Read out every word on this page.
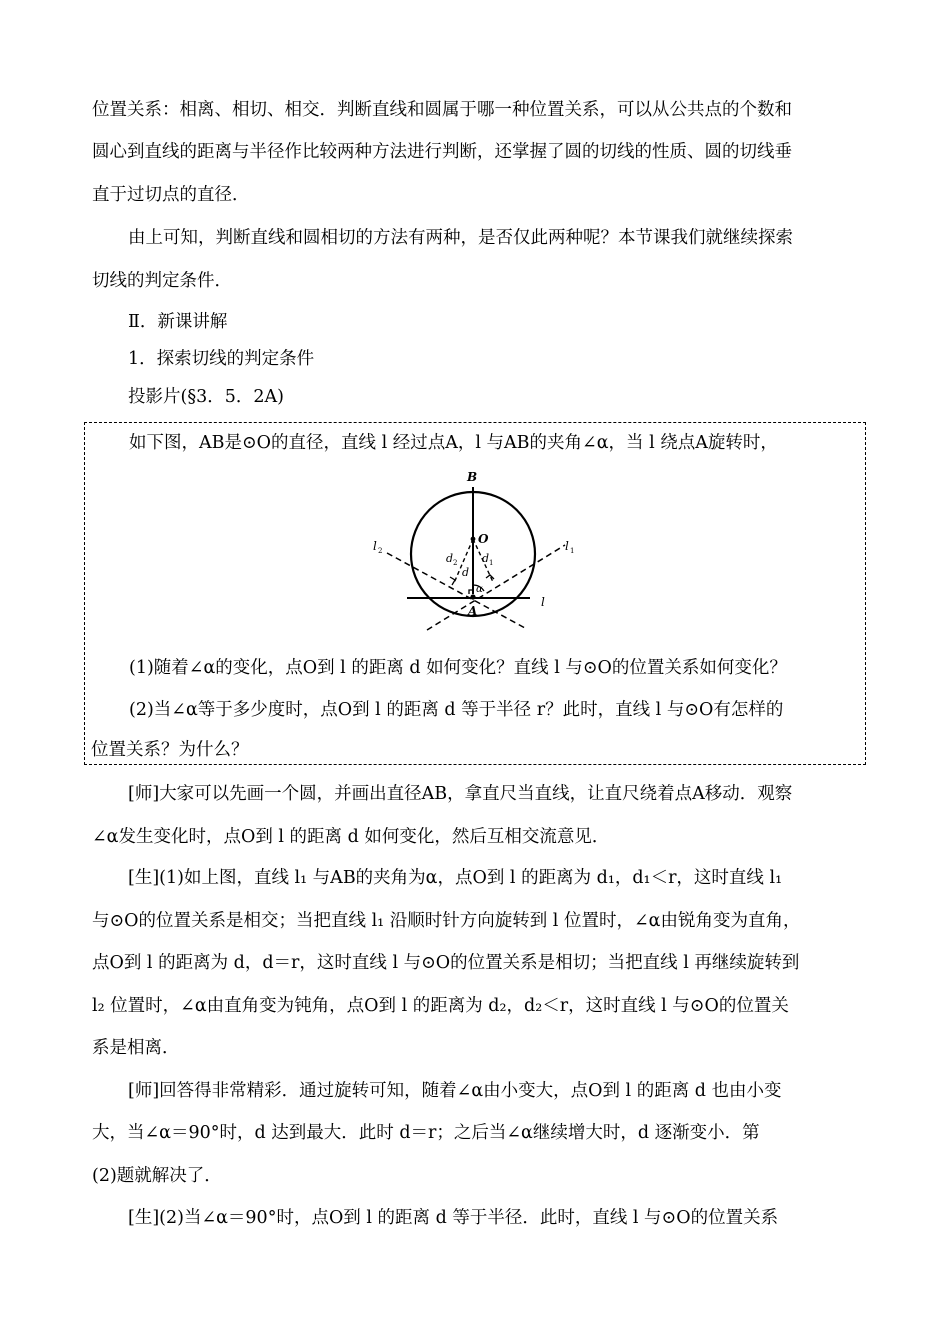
位置关系：相离、相切、相交．判断直线和圆属于哪一种位置关系，可以从公共点的个数和
圆心到直线的距离与半径作比较两种方法进行判断，还掌握了圆的切线的性质、圆的切线垂
直于过切点的直径．
由上可知，判断直线和圆相切的方法有两种，是否仅此两种呢？本节课我们就继续探索
切线的判定条件．
Ⅱ．新课讲解
1．探索切线的判定条件
投影片(§3．5．2A)
如下图，AB是⊙O的直径，直线 l 经过点A，l 与AB的夹角∠α，当 l 绕点A旋转时，
B
O
A
l
l 1
l 2
d 2
d
d 1
α
(1)随着∠α的变化，点O到 l 的距离 d 如何变化？直线 l 与⊙O的位置关系如何变化？
(2)当∠α等于多少度时，点O到 l 的距离 d 等于半径 r？此时，直线 l 与⊙O有怎样的
位置关系？为什么？
[师]大家可以先画一个圆，并画出直径AB，拿直尺当直线，让直尺绕着点A移动．观察
∠α发生变化时，点O到 l 的距离 d 如何变化，然后互相交流意见．
[生](1)如上图，直线 l₁ 与AB的夹角为α，点O到 l 的距离为 d₁，d₁＜r，这时直线 l₁
与⊙O的位置关系是相交；当把直线 l₁ 沿顺时针方向旋转到 l 位置时，∠α由锐角变为直角，
点O到 l 的距离为 d，d＝r，这时直线 l 与⊙O的位置关系是相切；当把直线 l 再继续旋转到
l₂ 位置时，∠α由直角变为钝角，点O到 l 的距离为 d₂，d₂＜r，这时直线 l 与⊙O的位置关
系是相离．
[师]回答得非常精彩．通过旋转可知，随着∠α由小变大，点O到 l 的距离 d 也由小变
大，当∠α＝90°时，d 达到最大．此时 d＝r；之后当∠α继续增大时，d 逐渐变小．第
(2)题就解决了．
[生](2)当∠α＝90°时，点O到 l 的距离 d 等于半径．此时，直线 l 与⊙O的位置关系
